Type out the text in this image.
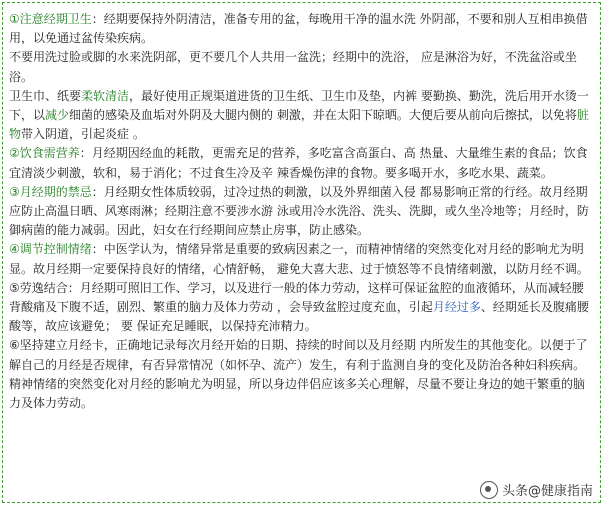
①注意经期卫生：经期要保持外阴清洁，准备专用的盆，每晚用干净的温水洗 外阴部，不要和别人互相串换借用，以免通过盆传染疾病。

不要用洗过脸或脚的水来洗阴部，更不要几个人共用一盆洗；经期中的洗浴， 应是淋浴为好，不洗盆浴或坐浴。

卫生巾、纸要柔软清洁，最好使用正规渠道进货的卫生纸、卫生巾及垫，内裤 要勤换、勤洗，洗后用开水烫一下，以减少细菌的感染及血垢对外阴及大腿内侧的 刺激，并在太阳下晾晒。大便后要从前向后擦拭，以免将脏物带入阴道，引起炎症 。

②饮食需营养：月经期因经血的耗散，更需充足的营养，多吃富含高蛋白、高 热量、大量维生素的食品；饮食宜清淡少刺激，软和，易于消化；不过食生冷及辛 辣香燥伤津的食物。要多喝开水，多吃水果、蔬菜。

③月经期的禁忌：月经期女性体质较弱，过冷过热的刺激，以及外界细菌入侵 都易影响正常的行经。故月经期应防止高温日晒、风寒雨淋；经期注意不要涉水游 泳或用冷水洗浴、洗头、洗脚，或久坐冷地等；月经时，防御病菌的能力减弱。因此，妇女在行经期间应禁止房事，防止感染。

④调节控制情绪：中医学认为，情绪异常是重要的致病因素之一，而精神情绪的突然变化对月经的影响尤为明显。故月经期一定要保持良好的情绪，心情舒畅， 避免大喜大悲、过于愤怒等不良情绪刺激，以防月经不调。

⑤劳逸结合：月经期可照旧工作、学习，以及进行一般的体力劳动，这样可保证盆腔的血液循环，从而减轻腰背酸痛及下腹不适，剧烈、繁重的脑力及体力劳动 ，会导致盆腔过度充血，引起月经过多、经期延长及腹痛腰酸等，故应该避免； 要 保证充足睡眠，以保持充沛精力。

⑥坚持建立月经卡，正确地记录每次月经开始的日期、持续的时间以及月经期 内所发生的其他变化。以便于了解自己的月经是否规律，有否异常情况（如怀孕、流产）发生，有利于监测自身的变化及防治各种妇科疾病。

精神情绪的突然变化对月经的影响尤为明显，所以身边伴侣应该多关心理解，尽量不要让身边的她干繁重的脑力及体力劳动。

头条@健康指南
